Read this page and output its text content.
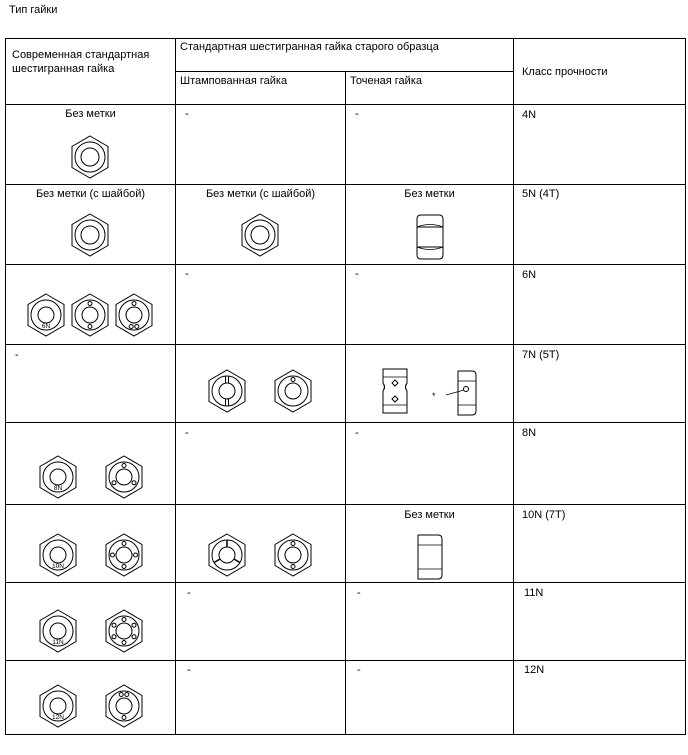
Тип гайки
Современная стандартная шестигранная гайка	Стандартная шестигранная гайка старого образца		Класс прочности
	Штампованная гайка	Точеная гайка	

Без метки	-	-	4N

Без метки (с шайбой)	Без метки (с шайбой)	Без метки	5N (4T)

6N	-	-	6N

-		*	7N (5T)

8N	-	-	8N

10N		Без метки	10N (7T)

11N	-	-	11N

12N	-	-	12N
